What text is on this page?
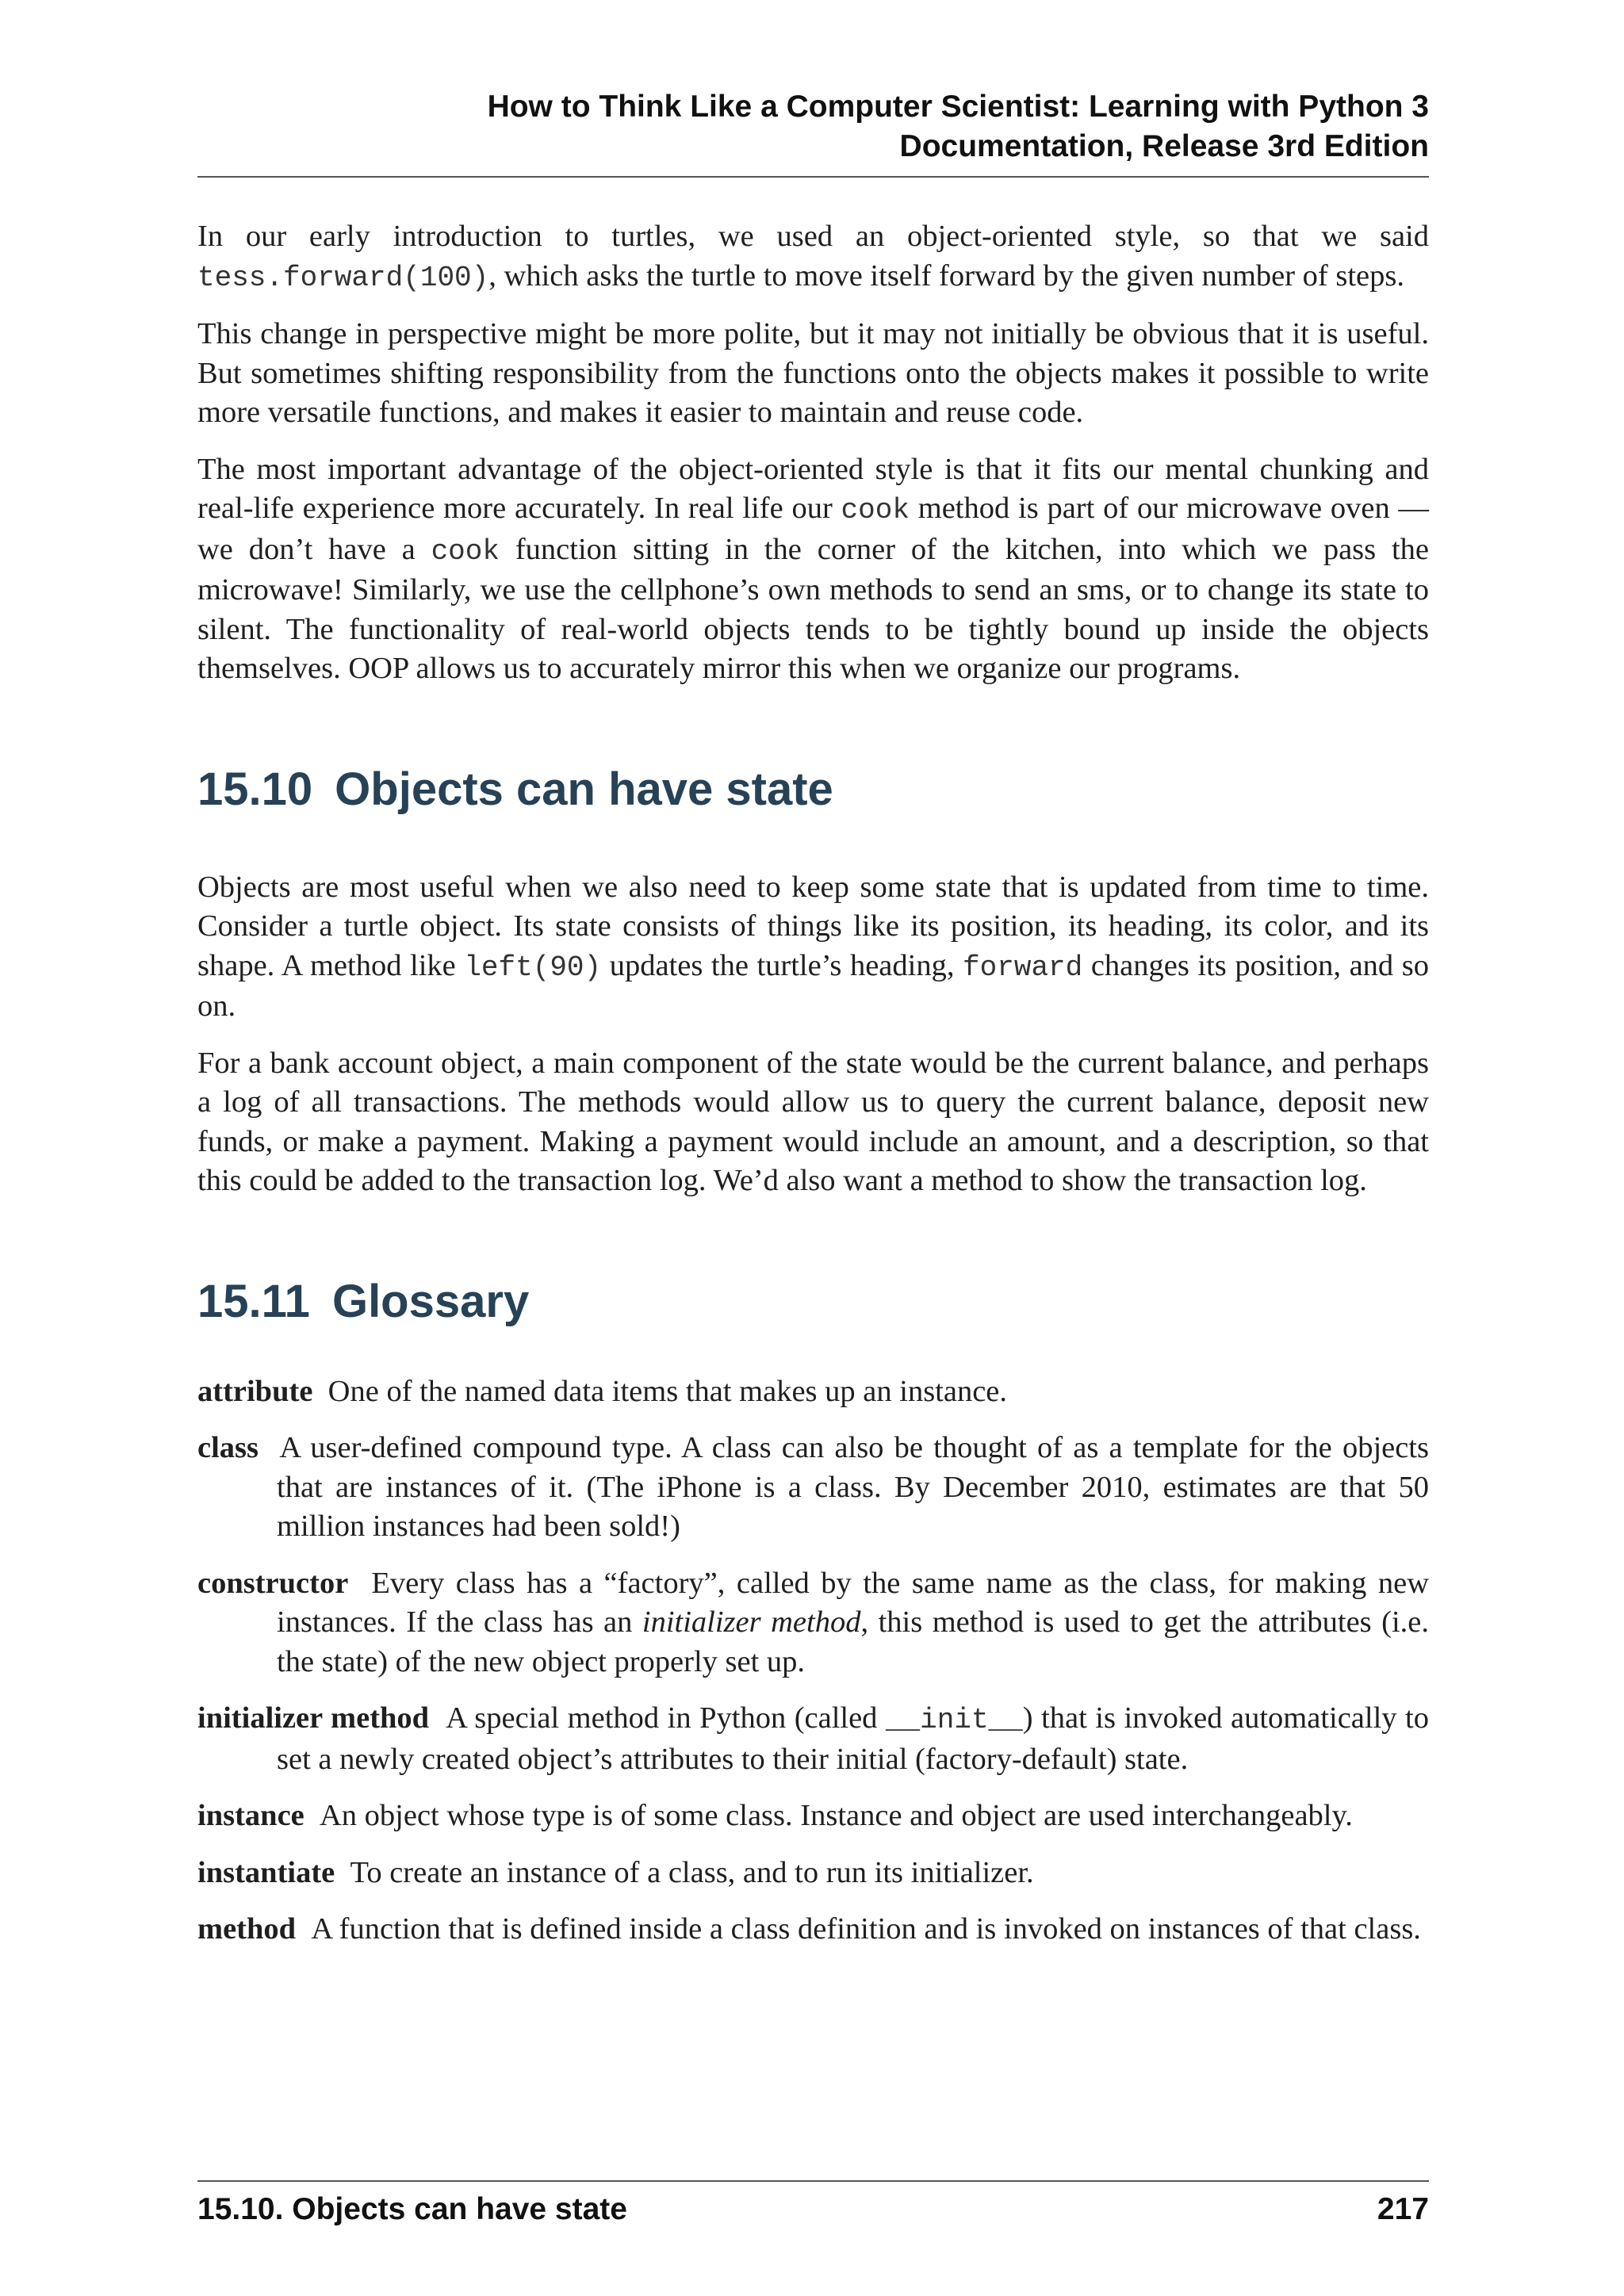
How to Think Like a Computer Scientist: Learning with Python 3
Documentation, Release 3rd Edition

In our early introduction to turtles, we used an object-oriented style, so that we said tess.forward(100), which asks the turtle to move itself forward by the given number of steps.

This change in perspective might be more polite, but it may not initially be obvious that it is useful. But sometimes shifting responsibility from the functions onto the objects makes it possible to write more versatile functions, and makes it easier to maintain and reuse code.

The most important advantage of the object-oriented style is that it fits our mental chunking and real-life experience more accurately. In real life our cook method is part of our microwave oven — we don’t have a cook function sitting in the corner of the kitchen, into which we pass the microwave! Similarly, we use the cellphone’s own methods to send an sms, or to change its state to silent. The functionality of real-world objects tends to be tightly bound up inside the objects themselves. OOP allows us to accurately mirror this when we organize our programs.

15.10 Objects can have state

Objects are most useful when we also need to keep some state that is updated from time to time. Consider a turtle object. Its state consists of things like its position, its heading, its color, and its shape. A method like left(90) updates the turtle’s heading, forward changes its position, and so on.

For a bank account object, a main component of the state would be the current balance, and perhaps a log of all transactions. The methods would allow us to query the current balance, deposit new funds, or make a payment. Making a payment would include an amount, and a description, so that this could be added to the transaction log. We’d also want a method to show the transaction log.

15.11 Glossary
attribute One of the named data items that makes up an instance.
class A user-defined compound type. A class can also be thought of as a template for the objects that are instances of it. (The iPhone is a class. By December 2010, estimates are that 50 million instances had been sold!)
constructor Every class has a “factory”, called by the same name as the class, for making new instances. If the class has an initializer method, this method is used to get the attributes (i.e. the state) of the new object properly set up.
initializer method A special method in Python (called __init__) that is invoked automatically to set a newly created object’s attributes to their initial (factory-default) state.
instance An object whose type is of some class. Instance and object are used interchangeably.
instantiate To create an instance of a class, and to run its initializer.
method A function that is defined inside a class definition and is invoked on instances of that class.
15.10. Objects can have state	217
